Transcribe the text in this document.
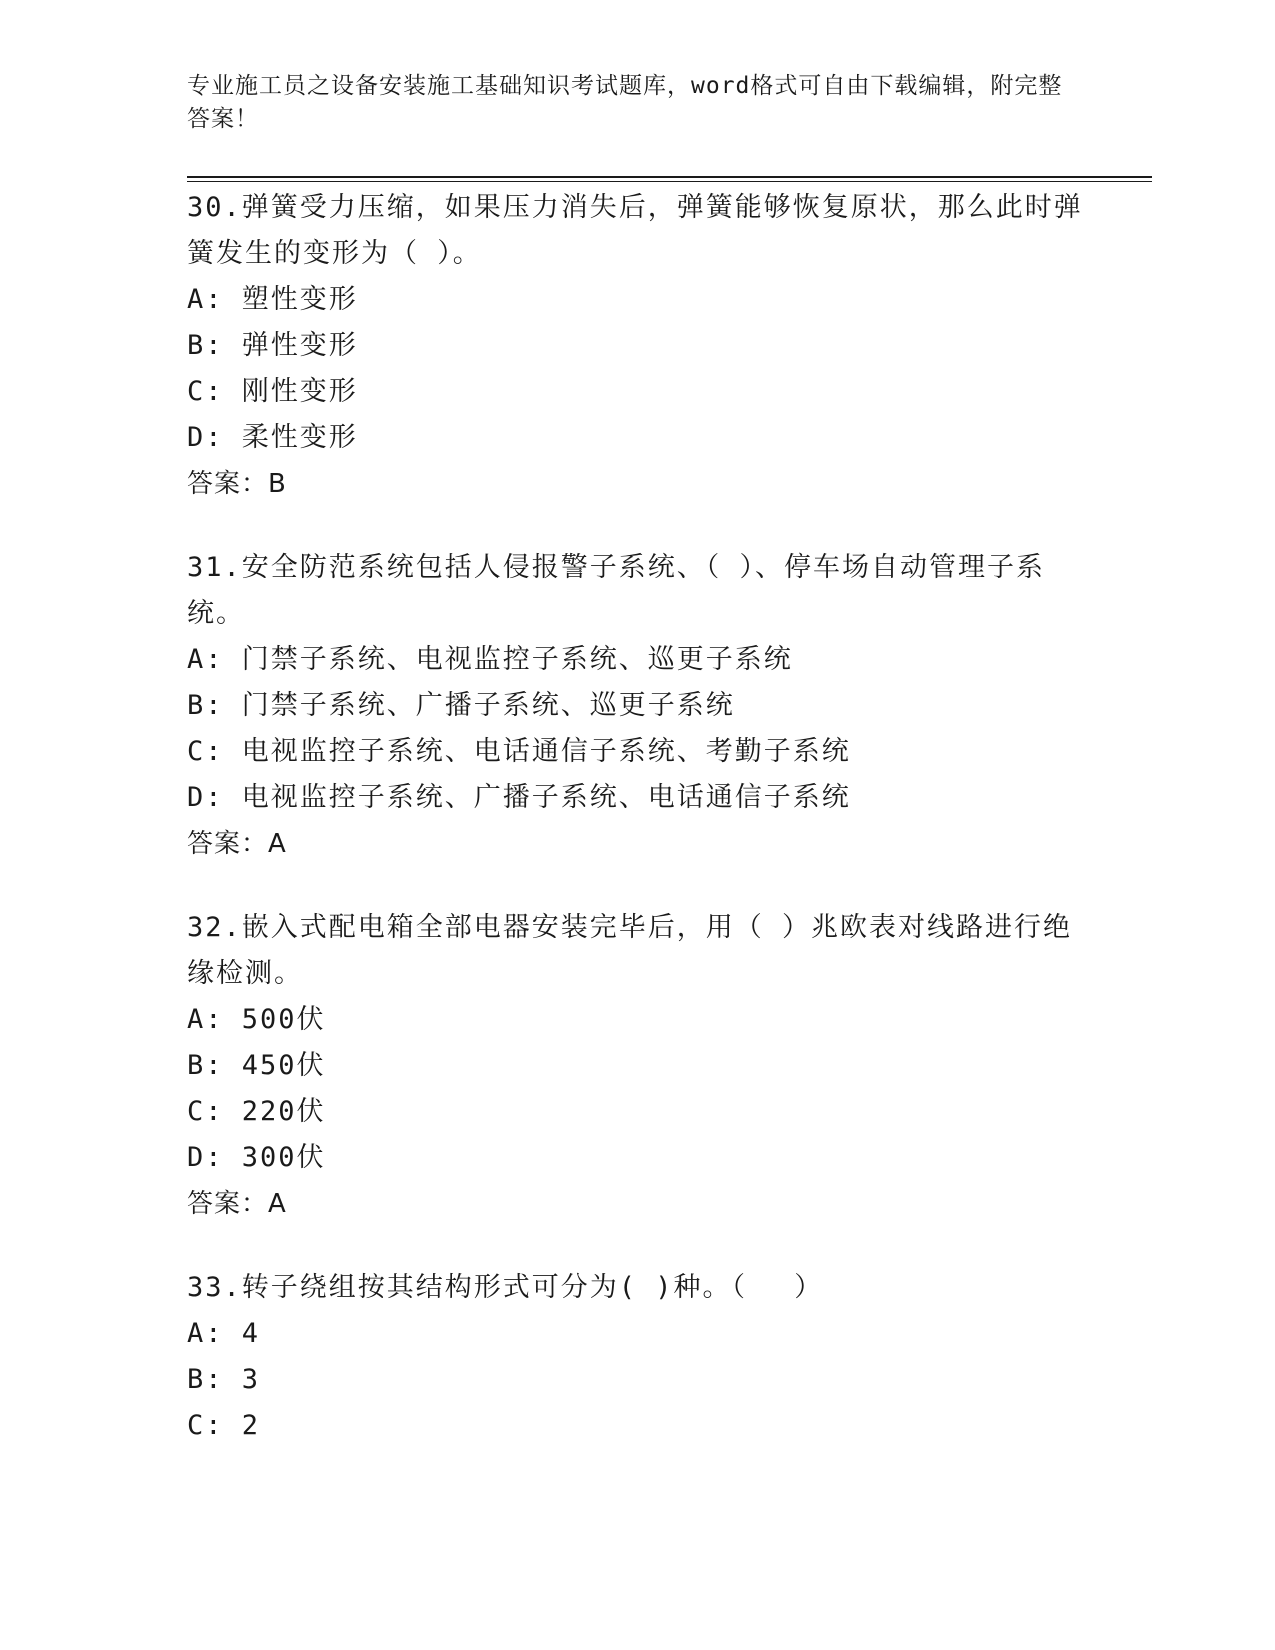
专业施工员之设备安装施工基础知识考试题库，word格式可自由下载编辑，附完整答案！
30.弹簧受力压缩，如果压力消失后，弹簧能够恢复原状，那么此时弹簧发生的变形为（ ）。
A: 塑性变形
B: 弹性变形
C: 刚性变形
D: 柔性变形
答案：B
31.安全防范系统包括人侵报警子系统、（ ）、停车场自动管理子系统。
A: 门禁子系统、电视监控子系统、巡更子系统
B: 门禁子系统、广播子系统、巡更子系统
C: 电视监控子系统、电话通信子系统、考勤子系统
D: 电视监控子系统、广播子系统、电话通信子系统
答案：A
32.嵌入式配电箱全部电器安装完毕后，用（ ）兆欧表对线路进行绝缘检测。
A: 500伏
B: 450伏
C: 220伏
D: 300伏
答案：A
33.转子绕组按其结构形式可分为( )种。（　 ）
A: 4
B: 3
C: 2
